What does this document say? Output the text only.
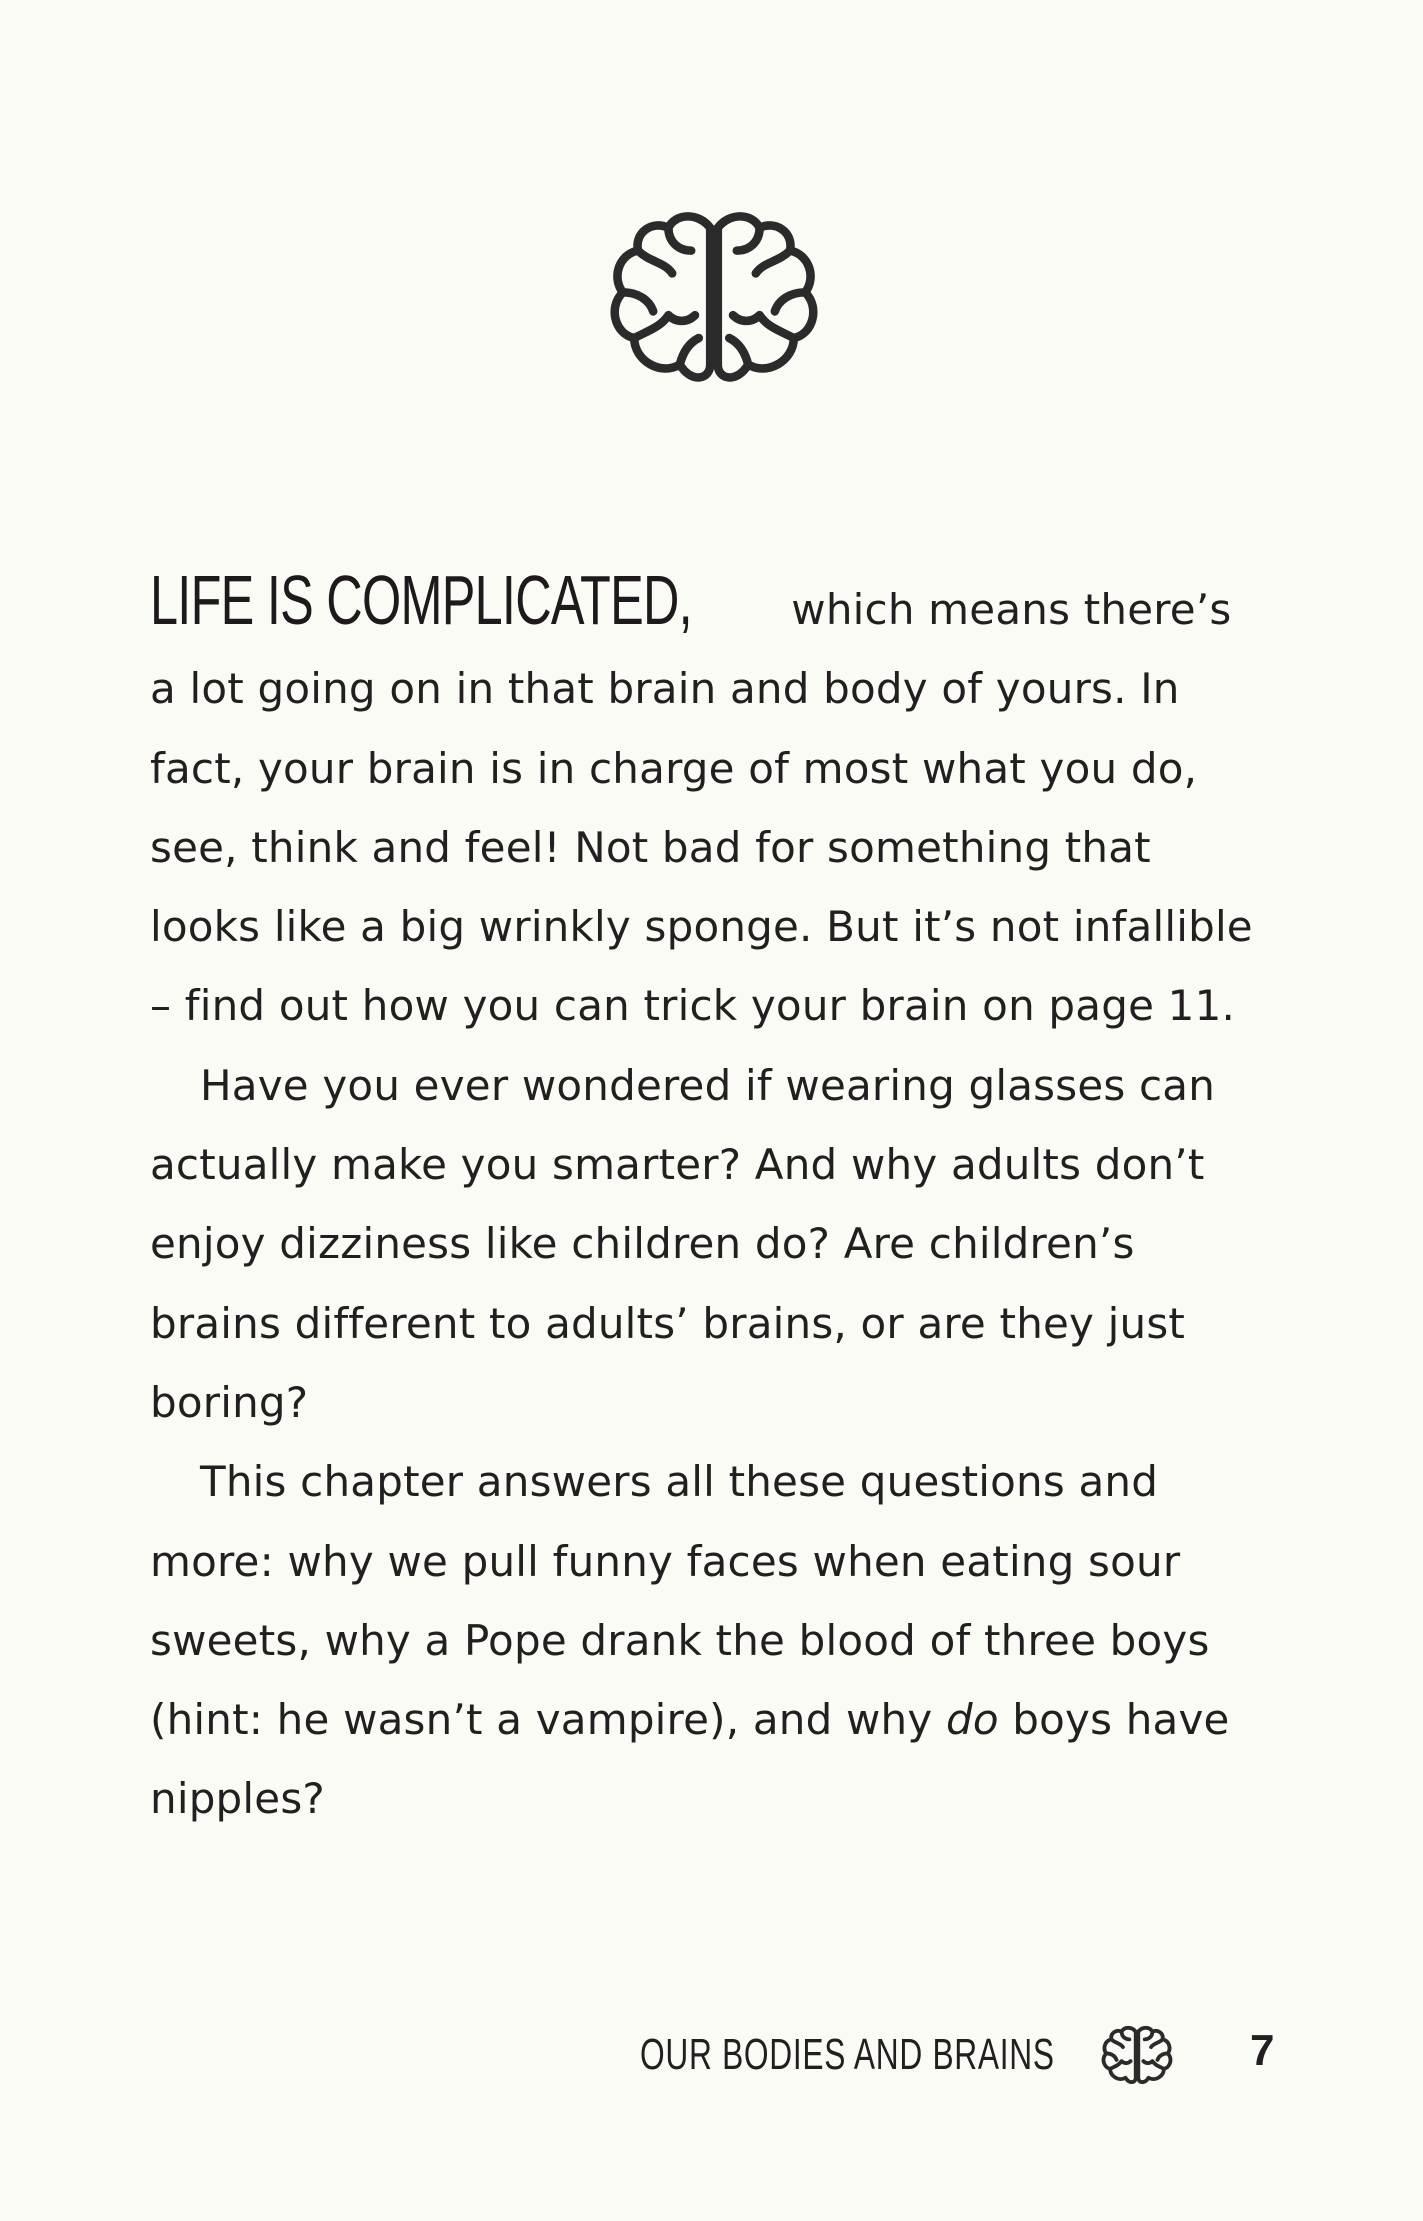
LIFE IS COMPLICATED, which means there’s a lot going on in that brain and body of yours. In fact, your brain is in charge of most what you do, see, think and feel! Not bad for something that looks like a big wrinkly sponge. But it’s not infallible – find out how you can trick your brain on page 11.

Have you ever wondered if wearing glasses can actually make you smarter? And why adults don’t enjoy dizziness like children do? Are children’s brains different to adults’ brains, or are they just boring?

This chapter answers all these questions and more: why we pull funny faces when eating sour sweets, why a Pope drank the blood of three boys (hint: he wasn’t a vampire), and why do boys have nipples?

OUR BODIES AND BRAINS	7
